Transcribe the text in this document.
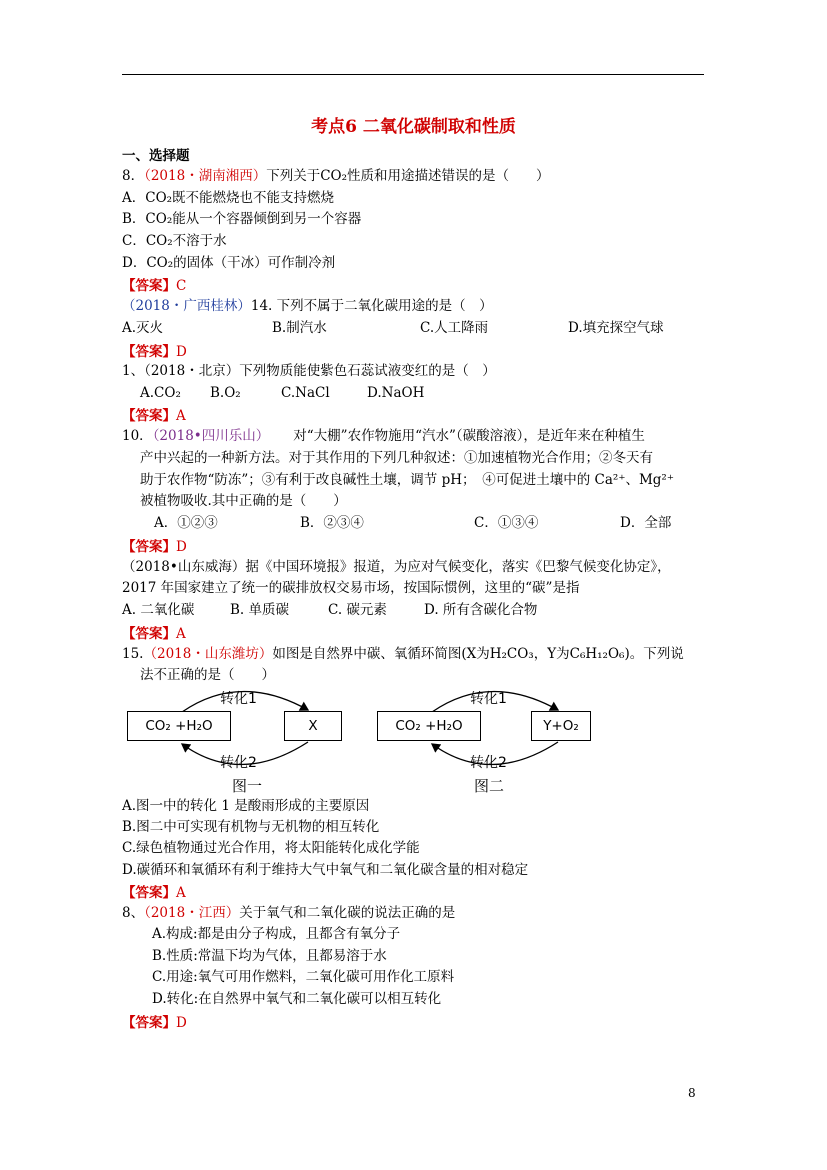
考点6 二氧化碳制取和性质
一、选择题
8．（2018・湖南湘西）下列关于CO₂性质和用途描述错误的是（　　）
A．CO₂既不能燃烧也不能支持燃烧
B．CO₂能从一个容器倾倒到另一个容器
C．CO₂不溶于水
D．CO₂的固体（干冰）可作制冷剂
【答案】C
（2018・广西桂林）14. 下列不属于二氧化碳用途的是（　）
A.灭火	B.制汽水	C.人工降雨	D.填充探空气球
【答案】D
1、（2018・北京）下列物质能使紫色石蕊试液变红的是（　）
A.CO₂ B.O₂	C.NaCl	D.NaOH
【答案】A
10．（2018•四川乐山） 对“大棚”农作物施用“汽水”（碳酸溶液），是近年来在种植生
产中兴起的一种新方法。对于其作用的下列几种叙述：①加速植物光合作用；②冬天有
助于农作物“防冻”；③有利于改良碱性土壤，调节 pH；　④可促进土壤中的 Ca²⁺、Mg²⁺
被植物吸收.其中正确的是（　　）
A．①②③	B．②③④	C．①③④	D．全部
【答案】D
（2018•山东威海）据《中国环境报》报道，为应对气候变化，落实《巴黎气候变化协定》，
2017 年国家建立了统一的碳排放权交易市场，按国际惯例，这里的“碳”是指
A. 二氧化碳	B. 单质碳	C. 碳元素	D. 所有含碳化合物
【答案】A
15.（2018・山东潍坊）如图是自然界中碳、氧循环简图(X为H₂CO₃，Y为C₆H₁₂O₆)。下列说
法不正确的是（　　）
CO₂ +H₂O	X
转化1
转化2
图一
CO₂ +H₂O	Y+O₂
转化1
转化2
图二
A.图一中的转化 1 是酸雨形成的主要原因
B.图二中可实现有机物与无机物的相互转化
C.绿色植物通过光合作用，将太阳能转化成化学能
D.碳循环和氧循环有利于维持大气中氧气和二氧化碳含量的相对稳定
【答案】A
8、（2018・江西）关于氧气和二氧化碳的说法正确的是
A.构成:都是由分子构成，且都含有氧分子
B.性质:常温下均为气体，且都易溶于水
C.用途:氧气可用作燃料，二氧化碳可用作化工原料
D.转化:在自然界中氧气和二氧化碳可以相互转化
【答案】D
8
